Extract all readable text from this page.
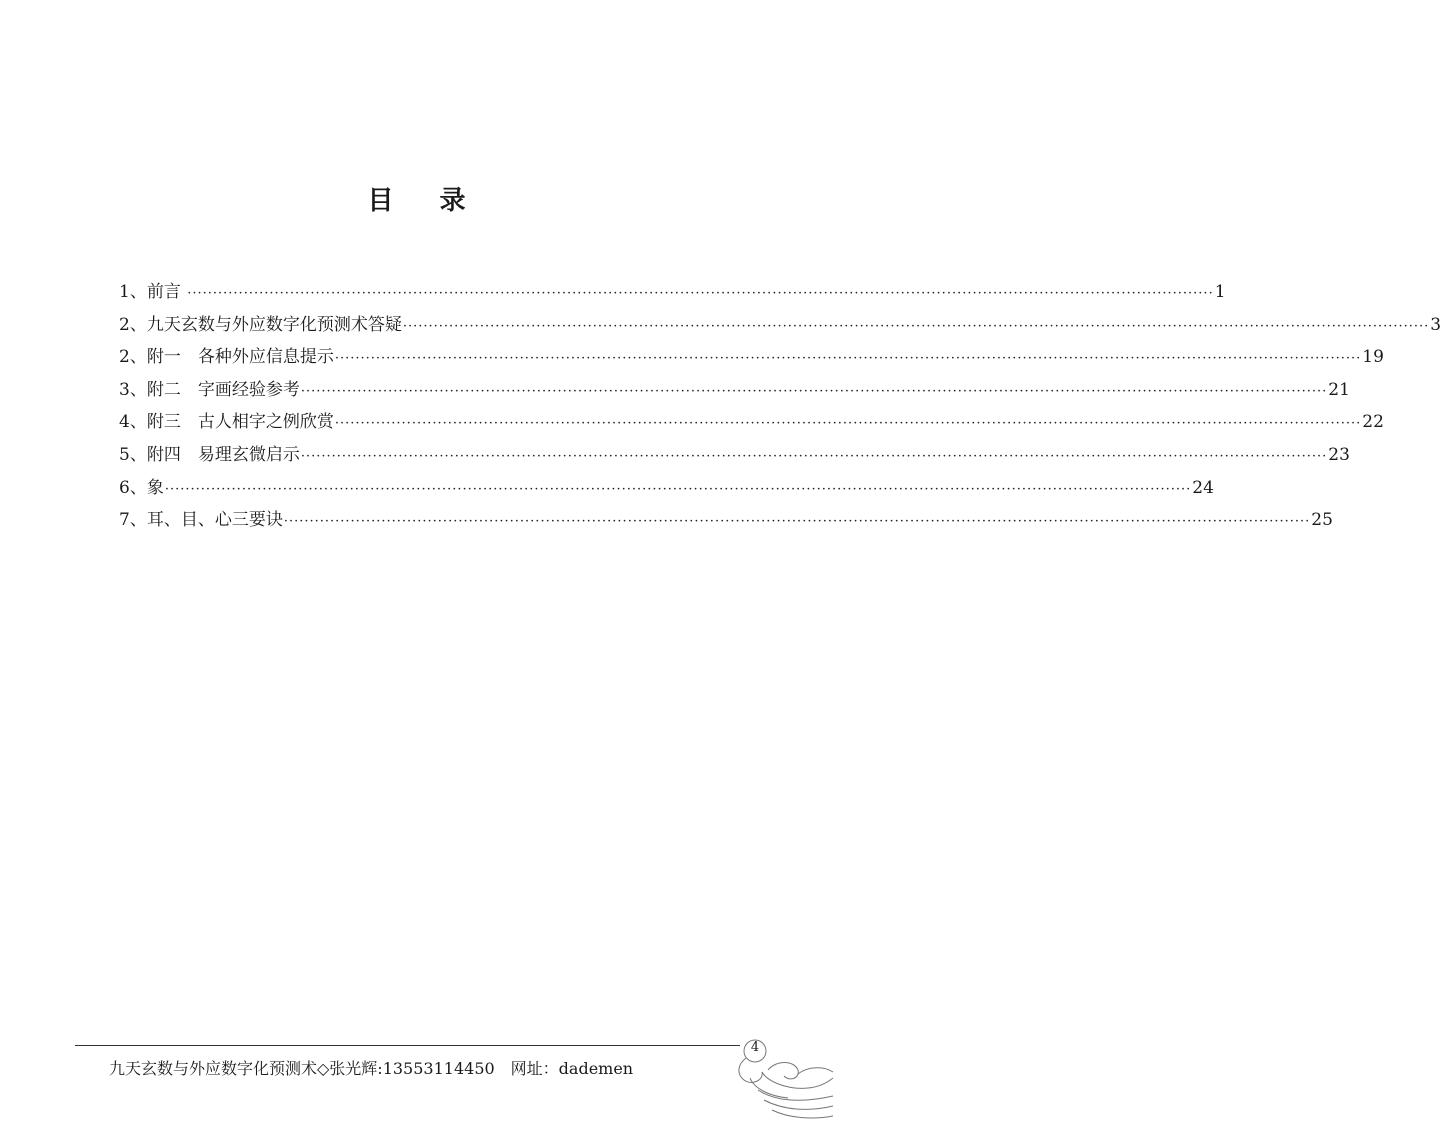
目 录
1、前言 ········································································································································································································ 1
2、九天玄数与外应数字化预测术答疑 ········································································································································································································ 3
2、附一　各种外应信息提示 ········································································································································································································ 19
3、附二　字画经验参考 ········································································································································································································ 21
4、附三　古人相字之例欣赏 ········································································································································································································ 22
5、附四　易理玄微启示 ········································································································································································································ 23
6、象 ········································································································································································································ 24
7、耳、目、心三要诀 ········································································································································································································ 25
九天玄数与外应数字化预测术◇张光辉:13553114450　网址：dademen
4
